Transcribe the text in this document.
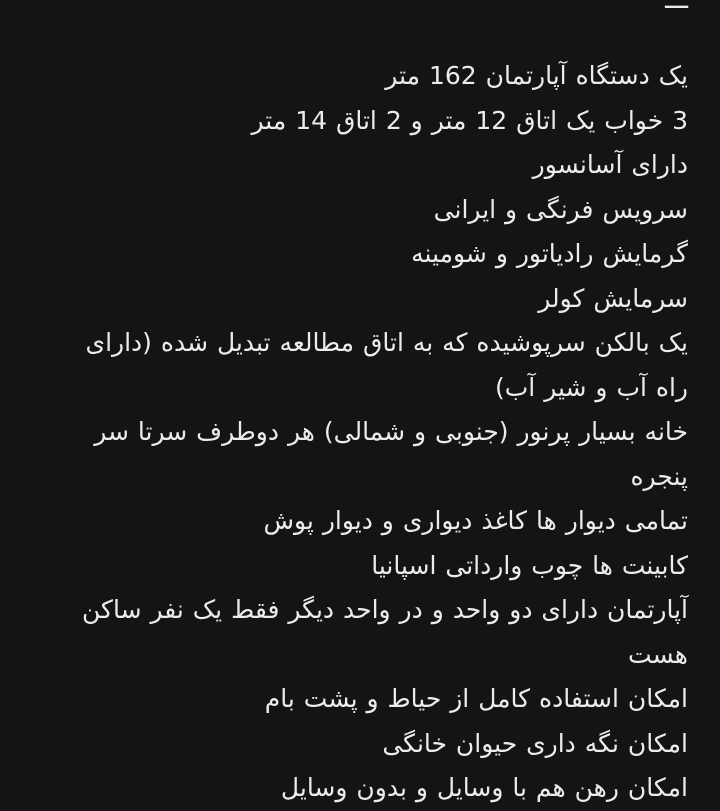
ـــ

یک دستگاه آپارتمان 162 متر

3 خواب یک اتاق 12 متر و 2 اتاق 14 متر

دارای آسانسور

سرویس فرنگی و ایرانی

گرمایش رادیاتور و شومینه

سرمایش کولر

یک بالکن سرپوشیده که به اتاق مطالعه تبدیل شده (دارای راه آب و شیر آب)

خانه بسیار پرنور (جنوبی و شمالی) هر دوطرف سرتا سر پنجره

تمامی دیوار ها کاغذ دیواری و دیوار پوش

کابینت ها چوب وارداتی اسپانیا

آپارتمان دارای دو واحد و در واحد دیگر فقط یک نفر ساکن هست

امکان استفاده کامل از حیاط و پشت بام

امکان نگه داری حیوان خانگی

امکان رهن هم با وسایل و بدون وسایل
